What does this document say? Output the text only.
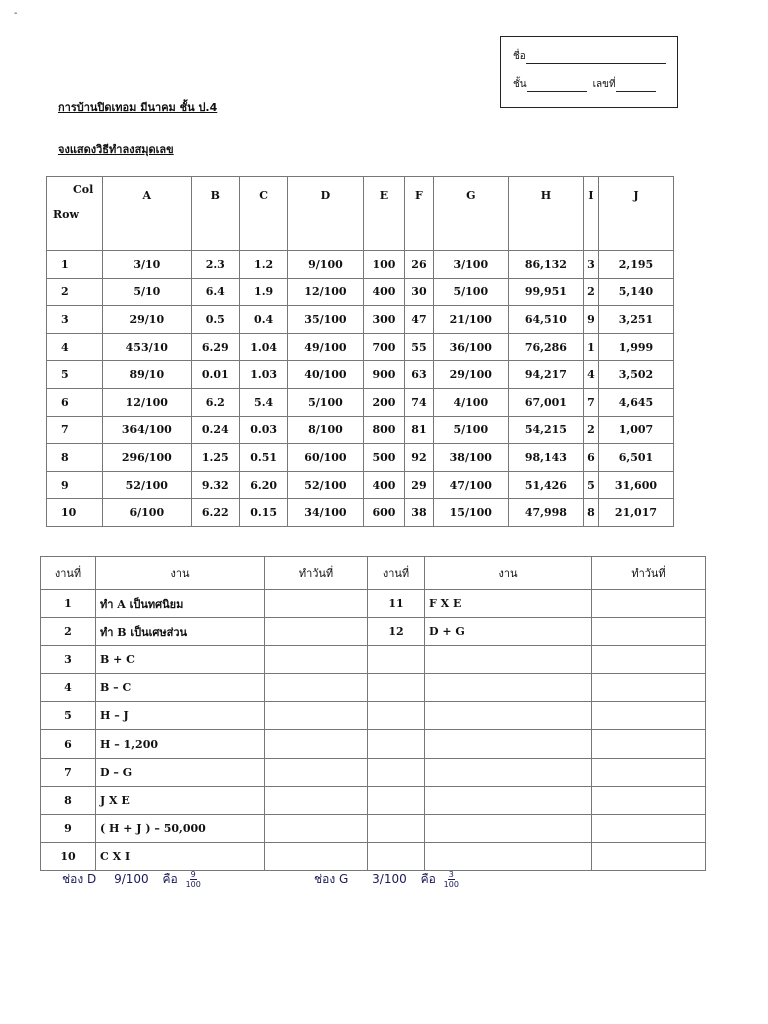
-
ชื่อ
ชั้น	เลขที่
การบ้านปิดเทอม มีนาคม ชั้น ป.4
จงแสดงวิธีทำลงสมุดเลข
Col
Row	A	B	C	D	E	F	G	H	I	J
1	3/10	2.3	1.2	9/100	100	26	3/100	86,132	3	2,195
2	5/10	6.4	1.9	12/100	400	30	5/100	99,951	2	5,140
3	29/10	0.5	0.4	35/100	300	47	21/100	64,510	9	3,251
4	453/10	6.29	1.04	49/100	700	55	36/100	76,286	1	1,999
5	89/10	0.01	1.03	40/100	900	63	29/100	94,217	4	3,502
6	12/100	6.2	5.4	5/100	200	74	4/100	67,001	7	4,645
7	364/100	0.24	0.03	8/100	800	81	5/100	54,215	2	1,007
8	296/100	1.25	0.51	60/100	500	92	38/100	98,143	6	6,501
9	52/100	9.32	6.20	52/100	400	29	47/100	51,426	5	31,600
10	6/100	6.22	0.15	34/100	600	38	15/100	47,998	8	21,017
งานที่	งาน	ทำวันที่	งานที่	งาน	ทำวันที่
1	ทำ A เป็นทศนิยม		11	F X E	
2	ทำ B เป็นเศษส่วน		12	D + G	
3	B + C				
4	B – C				
5	H – J				
6	H – 1,200				
7	D – G				
8	J X E				
9	( H + J ) – 50,000				
10	C X I				
ช่อง D 9/100 คือ $\frac{9}{100}$	ช่อง G 3/100 คือ $\frac{3}{100}$
